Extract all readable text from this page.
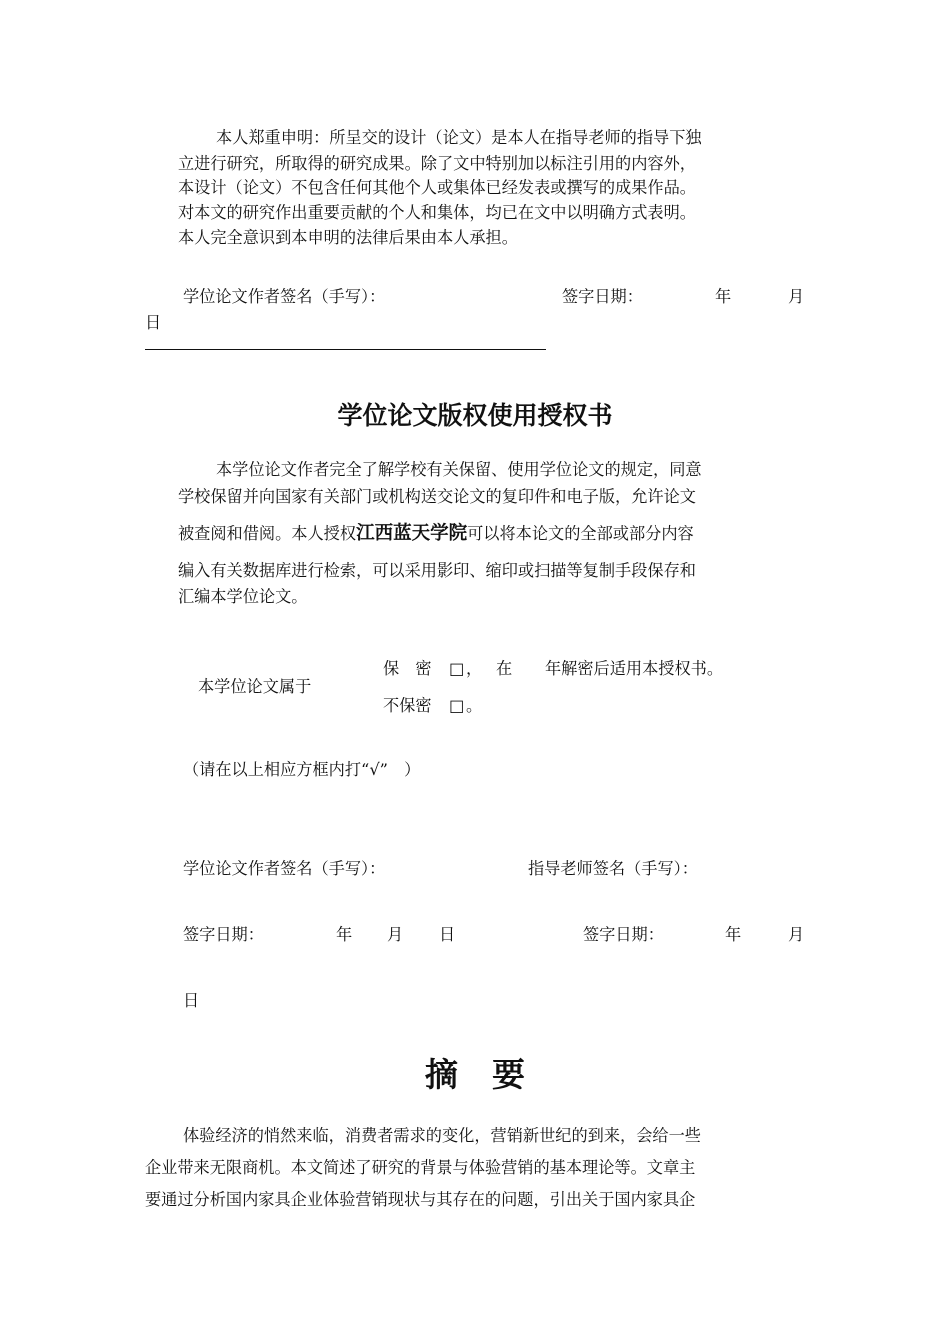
本人郑重申明：所呈交的设计（论文）是本人在指导老师的指导下独
立进行研究，所取得的研究成果。除了文中特别加以标注引用的内容外，
本设计（论文）不包含任何其他个人或集体已经发表或撰写的成果作品。
对本文的研究作出重要贡献的个人和集体，均已在文中以明确方式表明。
本人完全意识到本申明的法律后果由本人承担。
学位论文作者签名（手写）：	签字日期：	年	月
日
学位论文版权使用授权书
本学位论文作者完全了解学校有关保留、使用学位论文的规定，同意
学校保留并向国家有关部门或机构送交论文的复印件和电子版，允许论文
被查阅和借阅。本人授权江西蓝天学院可以将本论文的全部或部分内容
编入有关数据库进行检索，可以采用影印、缩印或扫描等复制手段保存和
汇编本学位论文。
本学位论文属于
保　密 □ ， 在 年解密后适用本授权书。
不保密 □ 。
（请在以上相应方框内打“√”　）
学位论文作者签名（手写）：	指导老师签名（手写）：
签字日期：	年 月 日	签字日期：	年	月
日
摘 要
体验经济的悄然来临，消费者需求的变化，营销新世纪的到来，会给一些
企业带来无限商机。本文简述了研究的背景与体验营销的基本理论等。文章主
要通过分析国内家具企业体验营销现状与其存在的问题，引出关于国内家具企
